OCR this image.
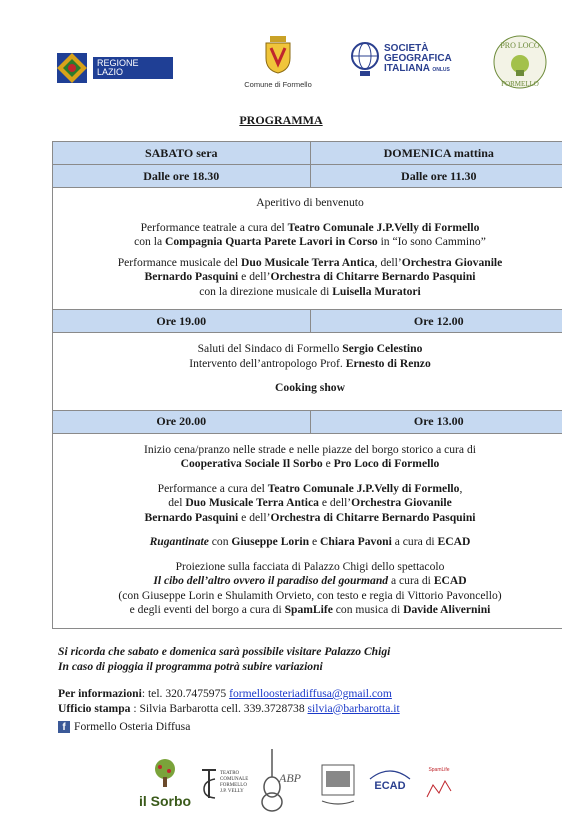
REGIONE
LAZIO
Comune di Formello
SOCIETÀ
GEOGRAFICA
ITALIANA ONLUS
PRO LOCO
FORMELLO
PROGRAMMA
SABATO sera	DOMENICA mattina
Dalle ore 18.30	Dalle ore 11.30

Aperitivo di benvenuto

Performance teatrale a cura del Teatro Comunale J.P.Velly di Formello
con la Compagnia Quarta Parete Lavori in Corso in “Io sono Cammino”

Performance musicale del Duo Musicale Terra Antica, dell’Orchestra Giovanile
Bernardo Pasquini e dell’Orchestra di Chitarre Bernardo Pasquini
con la direzione musicale di Luisella Muratori

Ore 19.00	Ore 12.00

Saluti del Sindaco di Formello Sergio Celestino
Intervento dell’antropologo Prof. Ernesto di Renzo

Cooking show

Ore 20.00	Ore 13.00

Inizio cena/pranzo nelle strade e nelle piazze del borgo storico a cura di
Cooperativa Sociale Il Sorbo e Pro Loco di Formello

Performance a cura del Teatro Comunale J.P.Velly di Formello,
del Duo Musicale Terra Antica e dell’Orchestra Giovanile
Bernardo Pasquini e dell’Orchestra di Chitarre Bernardo Pasquini

Rugantinate con Giuseppe Lorin e Chiara Pavoni a cura di ECAD

Proiezione sulla facciata di Palazzo Chigi dello spettacolo
Il cibo dell’altro ovvero il paradiso del gourmand a cura di ECAD
(con Giuseppe Lorin e Shulamith Orvieto, con testo e regia di Vittorio Pavoncello)
e degli eventi del borgo a cura di SpamLife con musica di Davide Alivernini

Si ricorda che sabato e domenica sarà possibile visitare Palazzo Chigi
In caso di pioggia il programma potrà subire variazioni
Per informazioni: tel. 320.7475975 formelloosteriadiffusa@gmail.com
Ufficio stampa : Silvia Barbarotta cell. 339.3728738 silvia@barbarotta.it
f Formello Osteria Diffusa
il Sorbo
TEATRO
COMUNALE
FORMELLO
J.P. VELLY
ABP
ECAD
SpamLife
